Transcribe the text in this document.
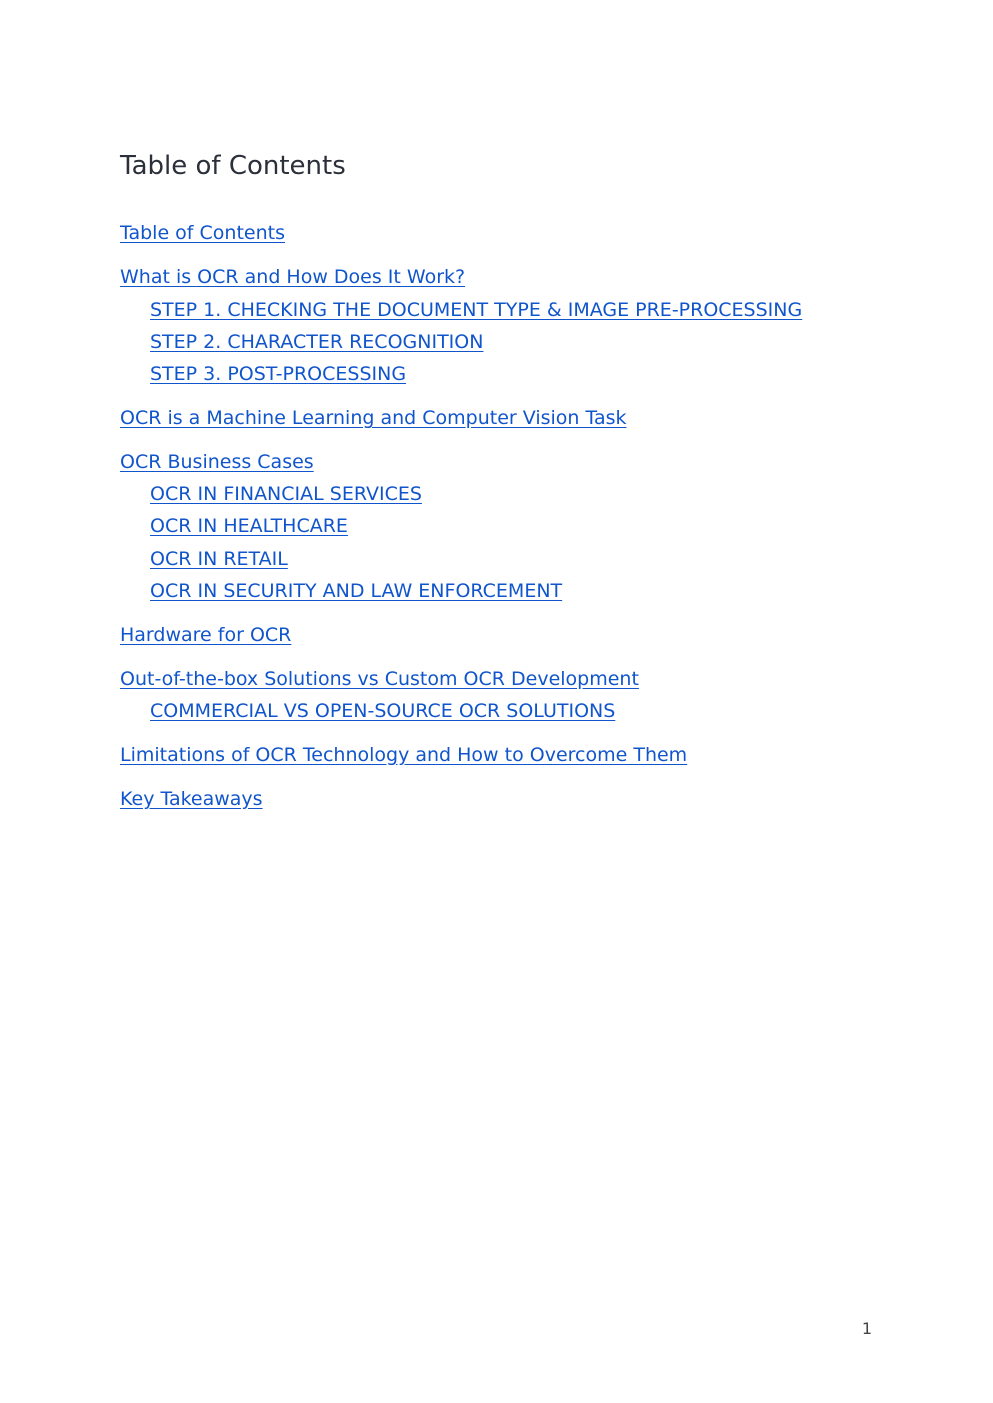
Table of Contents
Table of Contents
What is OCR and How Does It Work?
STEP 1. CHECKING THE DOCUMENT TYPE & IMAGE PRE-PROCESSING
STEP 2. CHARACTER RECOGNITION
STEP 3. POST-PROCESSING
OCR is a Machine Learning and Computer Vision Task
OCR Business Cases
OCR IN FINANCIAL SERVICES
OCR IN HEALTHCARE
OCR IN RETAIL
OCR IN SECURITY AND LAW ENFORCEMENT
Hardware for OCR
Out-of-the-box Solutions vs Custom OCR Development
COMMERCIAL VS OPEN-SOURCE OCR SOLUTIONS
Limitations of OCR Technology and How to Overcome Them
Key Takeaways
1
